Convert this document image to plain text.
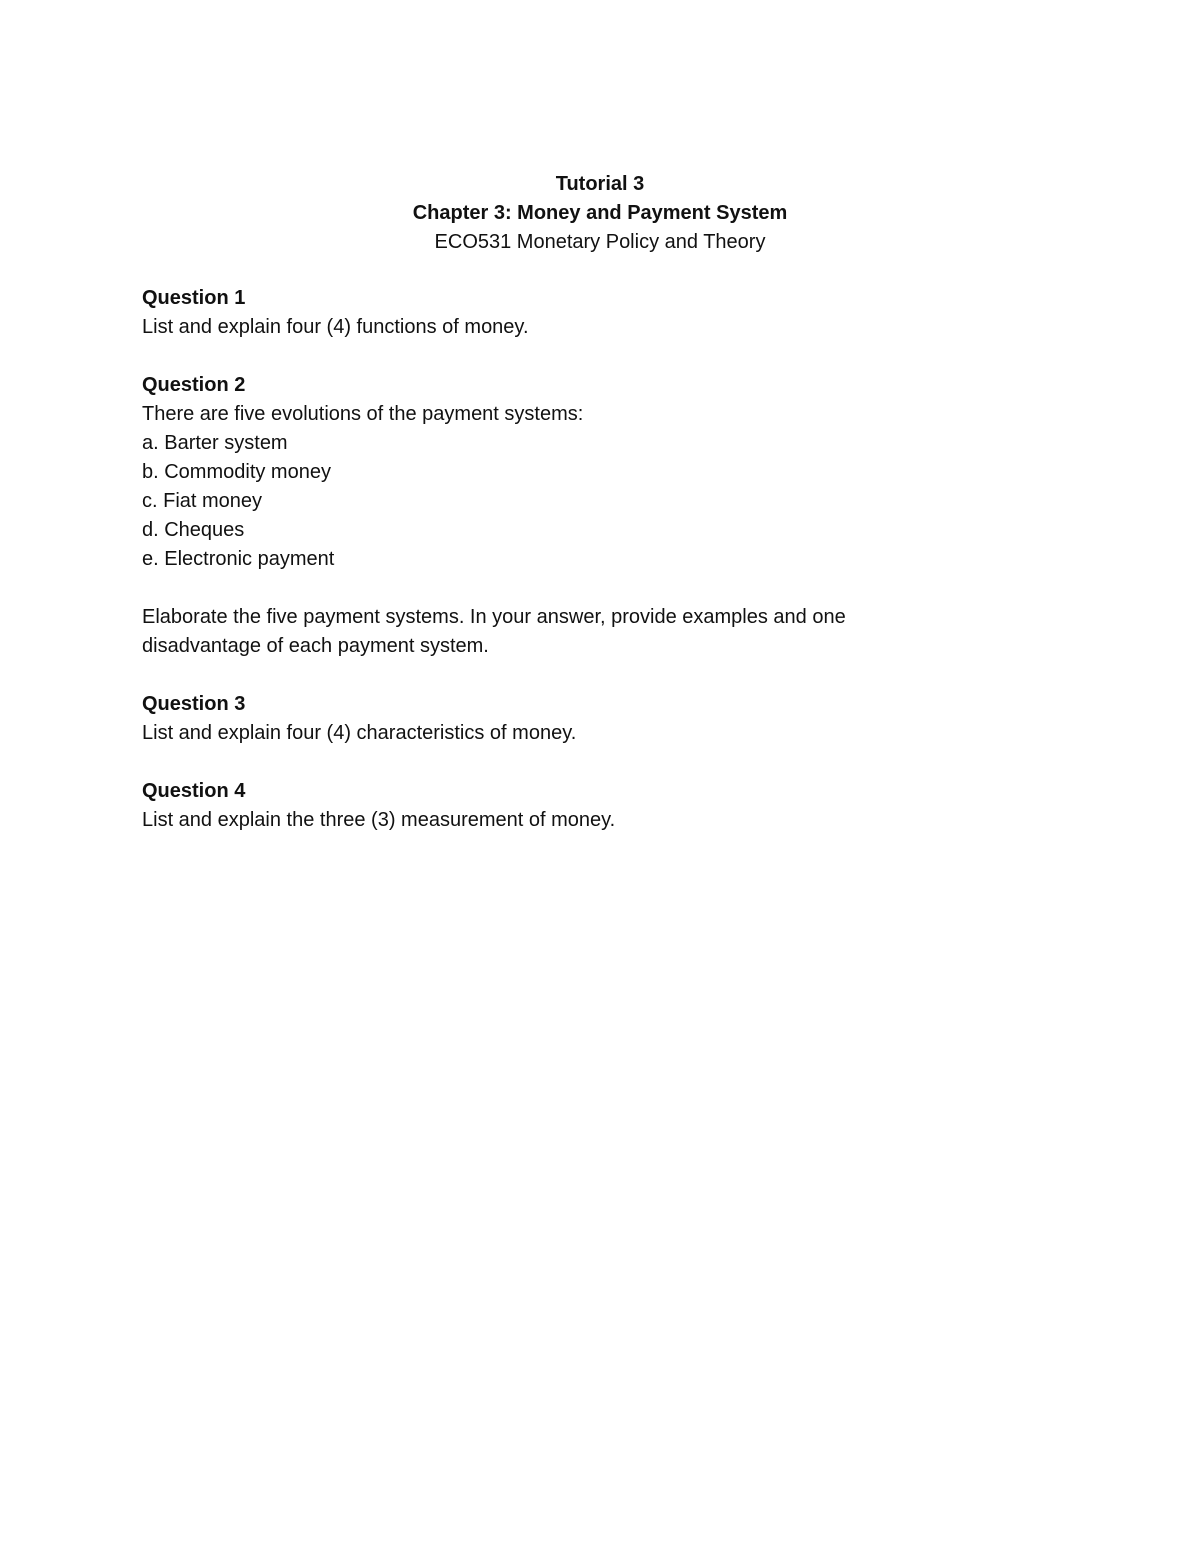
Tutorial 3
Chapter 3: Money and Payment System
ECO531 Monetary Policy and Theory
Question 1
List and explain four (4) functions of money.
Question 2
There are five evolutions of the payment systems:
a. Barter system
b. Commodity money
c. Fiat money
d. Cheques
e. Electronic payment
Elaborate the five payment systems. In your answer, provide examples and one disadvantage of each payment system.
Question 3
List and explain four (4) characteristics of money.
Question 4
List and explain the three (3) measurement of money.
